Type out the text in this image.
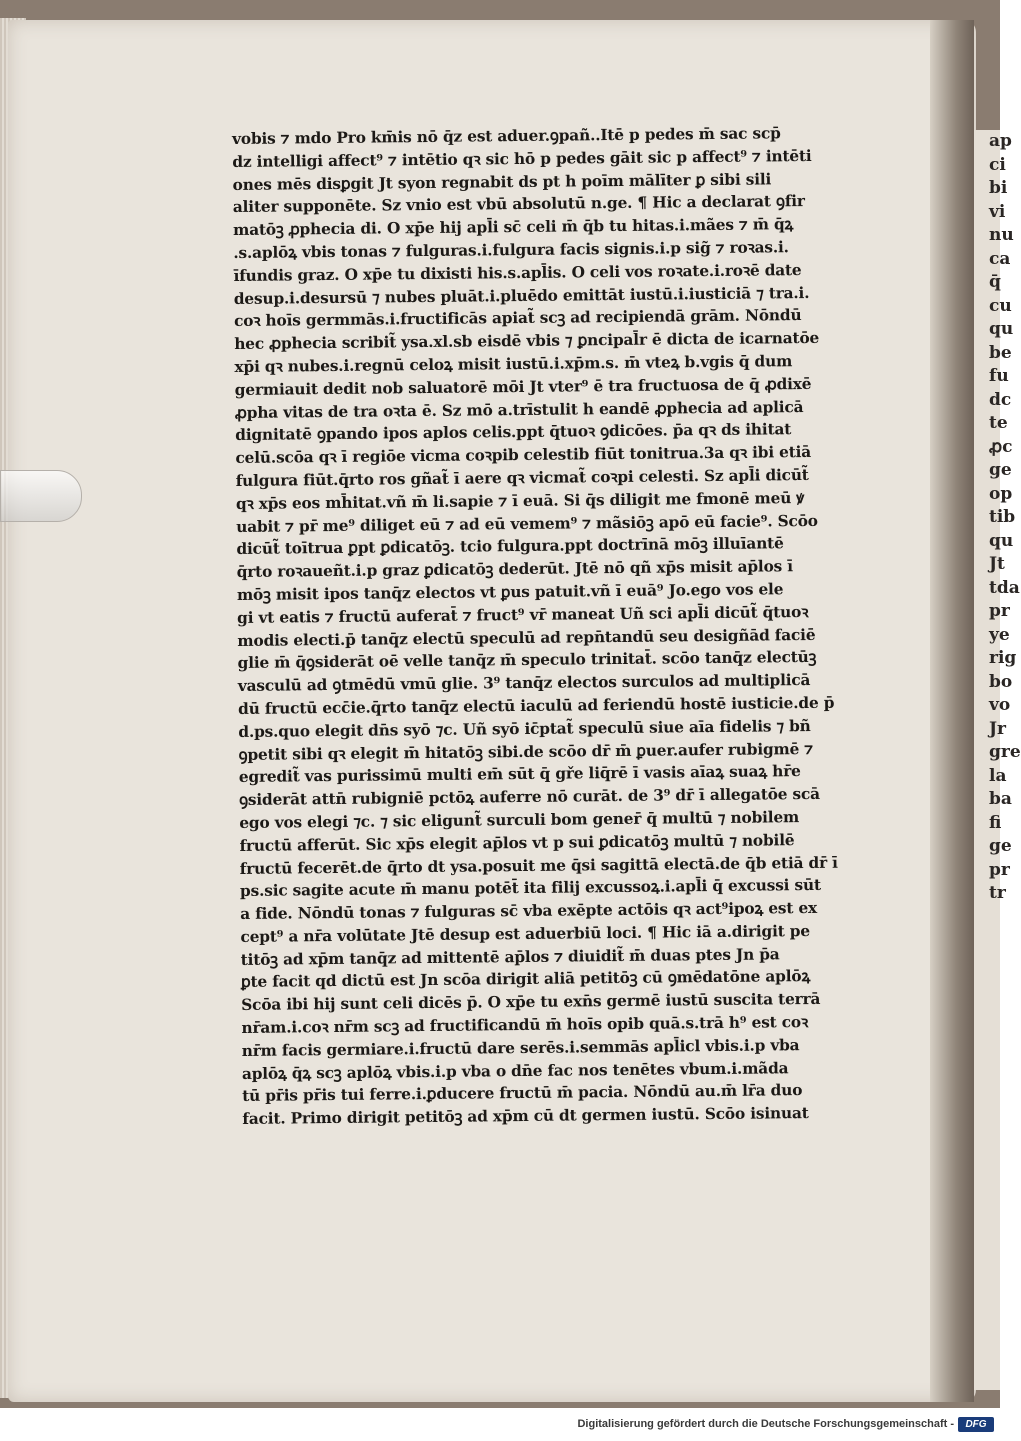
ap
ci
bi
vi
nu
ca
q̄
cu
qu
be
fu
dc
te
ꝓc
ge
op
tib
qu
Jt
tda
pr
ye
rig
bo
vo
Jr
gre
la
ba
fi
ge
pr
tr
vobis ⁊ mdo Pro km̄is nō q̄z est aduer.ꝯpañ..Itē p pedes m̄ sac scp̄
dz intelligi affect⁹ ⁊ intētio qꝛ sic hō p pedes gāit sic p affect⁹ ⁊ intēti
ones mēs disꝑgit Jt syon regnabit ds pt h poīm mālīter ꝑ sibi sili
aliter supponēte. Sz vnio est vbū absolutū n.ge. ¶ Hic a declarat ꝯfir
matōꝫ ꝓphecia di. O xp̄e hij apl̄i sc̄ celi m̄ q̄b tu hitas.i.mães ⁊ m̄ q̄ꝝ
.s.aplōꝝ vbis tonas ⁊ fulguras.i.fulgura facis signis.i.p sig̃ ⁊ roꝛas.i.
īfundis graz. O xp̄e tu dixisti his.s.apl̄is. O celi vos roꝛate.i.roꝛē date
desup.i.desursū ⁊ nubes pluāt.i.pluēdo emittāt iustū.i.iusticiā ⁊ tra.i.
coꝛ hoīs germmās.i.fructificās apiat̃ scꝫ ad recipiendā grām. Nōndū
hec ꝓphecia scribit̃ ysa.xl.sb eisdē vbis ⁊ ꝑncipal̄r ē dicta de icarnatōe
xp̄i qꝛ nubes.i.regnū celoꝝ misit iustū.i.xp̄m.s. m̄ vteꝝ b.vgis q̄ dum
germiauit dedit nob saluatorē mōi Jt vter⁹ ē tra fructuosa de q̄ ꝓdixē
ꝓpha vitas de tra oꝛta ē. Sz mō a.trīstulit h eandē ꝓphecia ad aplicā
dignitatē ꝯpando ipos aplos celis.ppt q̄tuoꝛ ꝯdicōes. p̄a qꝛ ds ihitat
celū.scōa qꝛ ī regiōe vicma coꝛpib celestib fiūt tonitrua.3a qꝛ ibi etiā
fulgura fiūt.q̄rto ros gñat̃ ī aere qꝛ vicmat̃ coꝛpi celesti. Sz apl̄i dicūt̃
qꝛ xp̄s eos mh̄itat.vñ m̄ li.sapie ⁊ ī euā. Si q̄s diligit me fmonē meū ꝟ
uabit ⁊ pr̄ me⁹ diliget eū ⁊ ad eū vemem⁹ ⁊ mãsiōꝫ apō eū facie⁹. Scōo
dicūt̃ toītrua ꝑpt ꝑdicatōꝫ. tcio fulgura.ppt doctrīnā mōꝫ illuīantē
q̄rto roꝛaueñt.i.p graz ꝑdicatōꝫ dederūt. Jtē nō qñ xp̄s misit ap̄los ī
mōꝫ misit ipos tanq̄z electos vt ꝑus patuit.vñ ī euā⁹ Jo.ego vos ele
gi vt eatis ⁊ fructū auferat̄ ⁊ fruct⁹ vr̄ maneat Uñ sci apl̄i dicūt̃ q̄tuoꝛ
modis electi.p̄ tanq̄z electū speculū ad repn̄tandū seu desigñād faciē
glie m̄ q̄ꝯsiderāt oē velle tanq̄z m̄ speculo trinitat̄. scōo tanq̄z electūꝫ
vasculū ad ꝯtmēdū vmū glie. 3⁹ tanq̄z electos surculos ad multiplicā
dū fructū ecc̄ie.q̄rto tanq̄z electū iaculū ad feriendū hostē iusticie.de p̄
d.ps.quo elegit dn̄s syō ⁊c. Uñ syō ic̄ptat̃ speculū siue aīa fidelis ⁊ bñ
ꝯpetit sibi qꝛ elegit m̄ hitatōꝫ sibi.de scōo dr̄ m̄ ꝑuer.aufer rubigmē ⁊
egredit̃ vas purissimū multi em̄ sūt q̄ gře liq̄rē ī vasis aīaꝝ suaꝝ hr̄e
ꝯsiderāt attn̄ rubigniē pctōꝝ auferre nō curāt. de 3⁹ dr̄ ī allegatōe scā
ego vos elegi ⁊c. ⁊ sic eligunt̃ surculi bom gener̄ q̄ multū ⁊ nobilem
fructū afferūt. Sic xp̄s elegit ap̄los vt p sui ꝑdicatōꝫ multū ⁊ nobilē
fructū fecerēt.de q̄rto dt ysa.posuit me q̄si sagittā electā.de q̄b etiā dr̄ ī
ps.sic sagite acute m̄ manu potēt̄ ita filij excussoꝝ.i.apl̄i q̄ excussi sūt
a fide. Nōndū tonas ⁊ fulguras sc̄ vba exēpte actōis qꝛ act⁹ipoꝝ est ex
cept⁹ a nr̄a volūtate Jtē desup est aduerbiū loci. ¶ Hic iā a.dirigit pe
titōꝫ ad xp̄m tanq̄z ad mittentē ap̄los ⁊ diuidit̃ m̄ duas ptes Jn p̄a
ꝑte facit qd dictū est Jn scōa dirigit aliā petitōꝫ cū ꝯmēdatōne aplōꝝ
Scōa ibi hij sunt celi dicēs p̄. O xp̄e tu exn̄s germē iustū suscita terrā
nr̄am.i.coꝛ nr̄m scꝫ ad fructificandū m̄ hoīs opib quā.s.trā h⁹ est coꝛ
nr̄m facis germiare.i.fructū dare serēs.i.semmās apl̄icl vbis.i.p vba
aplōꝝ q̄ꝝ scꝫ aplōꝝ vbis.i.p vba o dn̄e fac nos tenētes vbum.i.mãda
tū pr̄is pr̄is tui ferre.i.ꝑducere fructū m̄ pacia. Nōndū au.m̄ lr̄a duo
facit. Primo dirigit petitōꝫ ad xp̄m cū dt germen iustū. Scōo isinuat
Digitalisierung gefördert durch die Deutsche Forschungsgemeinschaft -	DFG
